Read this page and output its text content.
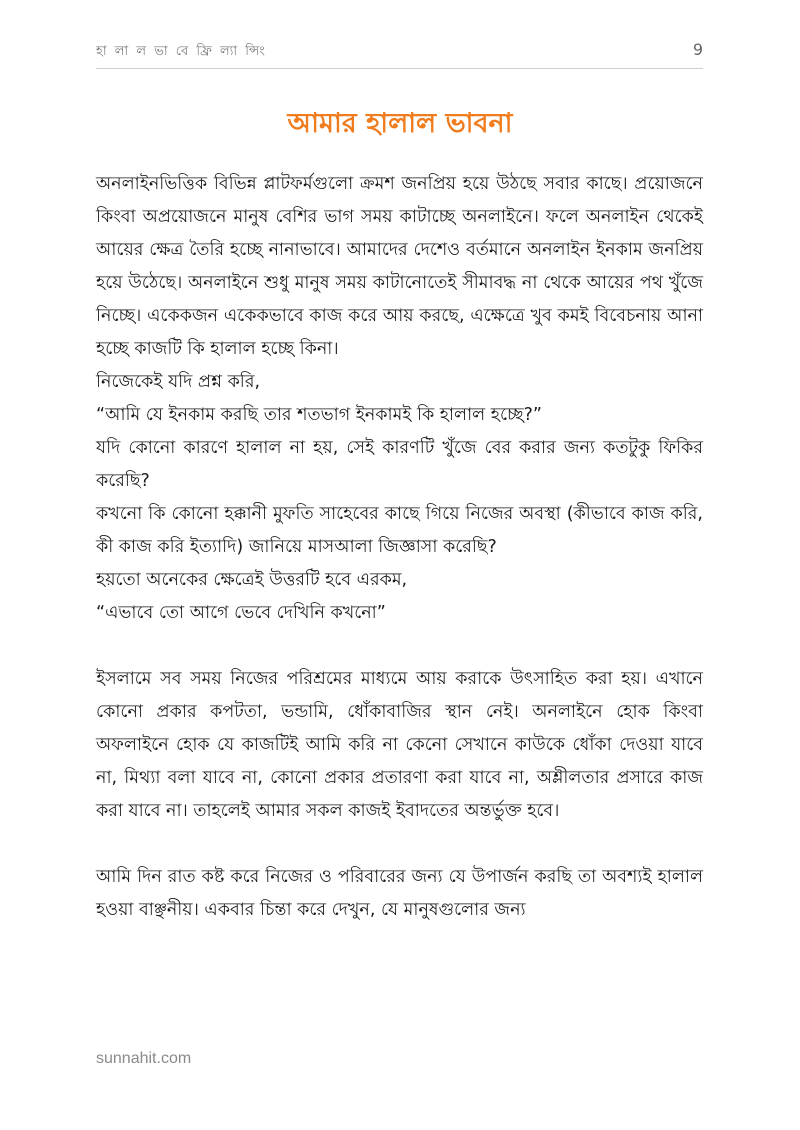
হা লা ল ভা বে ফ্রি ল্যা ন্সিং	9
আমার হালাল ভাবনা

অনলাইনভিত্তিক বিভিন্ন প্লাটফর্মগুলো ক্রমশ জনপ্রিয় হয়ে উঠছে সবার কাছে। প্রয়োজনে কিংবা অপ্রয়োজনে মানুষ বেশির ভাগ সময় কাটাচ্ছে অনলাইনে। ফলে অনলাইন থেকেই আয়ের ক্ষেত্র তৈরি হচ্ছে নানাভাবে। আমাদের দেশেও বর্তমানে অনলাইন ইনকাম জনপ্রিয় হয়ে উঠেছে। অনলাইনে শুধু মানুষ সময় কাটানোতেই সীমাবদ্ধ না থেকে আয়ের পথ খুঁজে নিচ্ছে। একেকজন একেকভাবে কাজ করে আয় করছে, এক্ষেত্রে খুব কমই বিবেচনায় আনা হচ্ছে কাজটি কি হালাল হচ্ছে কিনা।

নিজেকেই যদি প্রশ্ন করি,

“আমি যে ইনকাম করছি তার শতভাগ ইনকামই কি হালাল হচ্ছে?”

যদি কোনো কারণে হালাল না হয়, সেই কারণটি খুঁজে বের করার জন্য কতটুকু ফিকির করেছি?

কখনো কি কোনো হক্কানী মুফতি সাহেবের কাছে গিয়ে নিজের অবস্থা (কীভাবে কাজ করি, কী কাজ করি ইত্যাদি) জানিয়ে মাসআলা জিজ্ঞাসা করেছি?

হয়তো অনেকের ক্ষেত্রেই উত্তরটি হবে এরকম,

“এভাবে তো আগে ভেবে দেখিনি কখনো”

ইসলামে সব সময় নিজের পরিশ্রমের মাধ্যমে আয় করাকে উৎসাহিত করা হয়। এখানে কোনো প্রকার কপটতা, ভন্ডামি, ধোঁকাবাজির স্থান নেই। অনলাইনে হোক কিংবা অফলাইনে হোক যে কাজটিই আমি করি না কেনো সেখানে কাউকে ধোঁকা দেওয়া যাবে না, মিথ্যা বলা যাবে না, কোনো প্রকার প্রতারণা করা যাবে না, অশ্লীলতার প্রসারে কাজ করা যাবে না। তাহলেই আমার সকল কাজই ইবাদতের অন্তর্ভুক্ত হবে।

আমি দিন রাত কষ্ট করে নিজের ও পরিবারের জন্য যে উপার্জন করছি তা অবশ্যই হালাল হওয়া বাঞ্ছনীয়। একবার চিন্তা করে দেখুন, যে মানুষগুলোর জন্য

sunnahit.com
